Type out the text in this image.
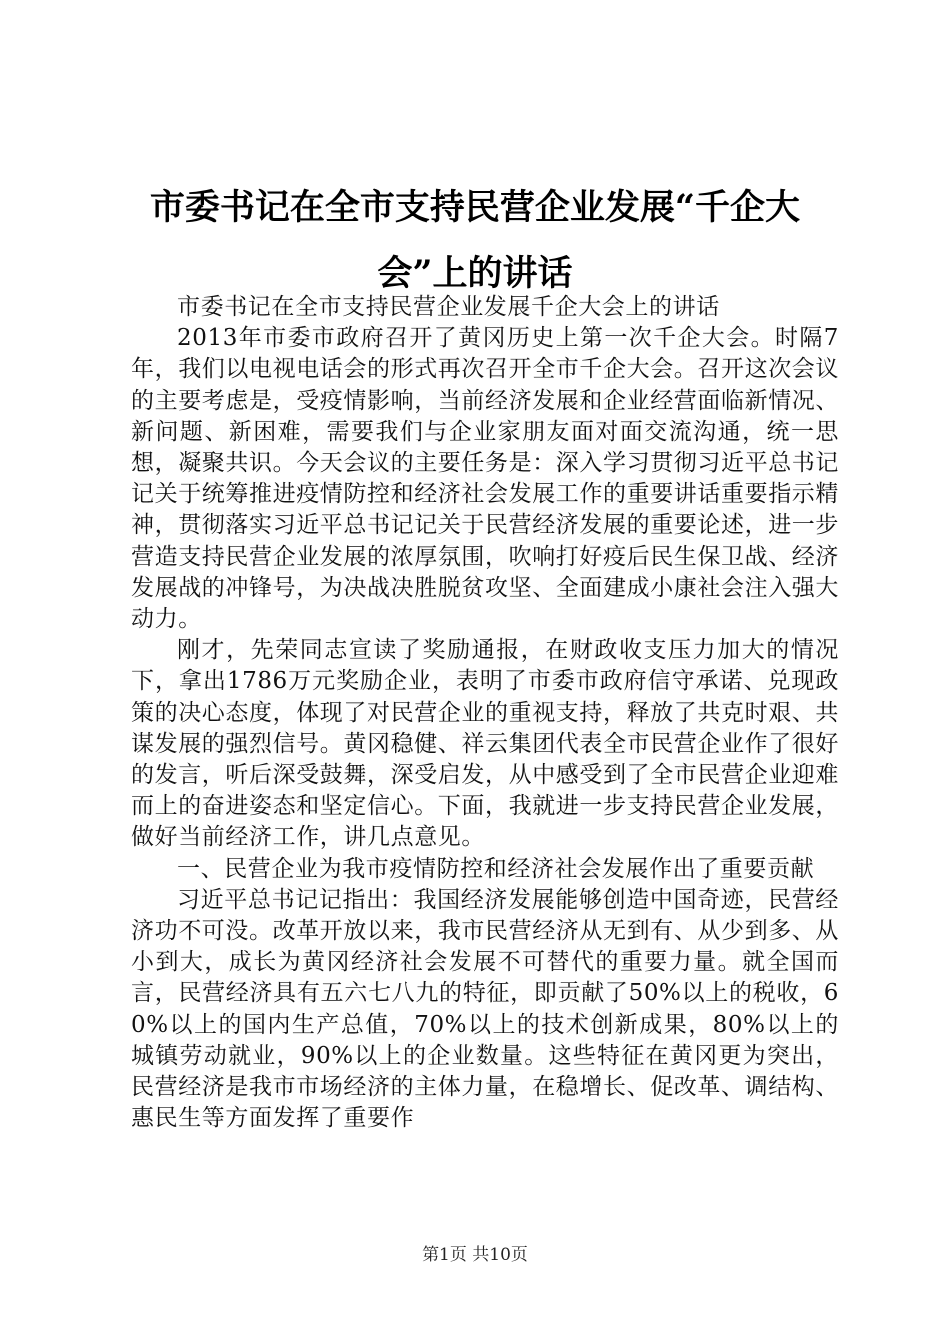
市委书记在全市支持民营企业发展“千企大
会”上的讲话

市委书记在全市支持民营企业发展千企大会上的讲话

2013年市委市政府召开了黄冈历史上第一次千企大会。时隔7年，我们以电视电话会的形式再次召开全市千企大会。召开这次会议的主要考虑是，受疫情影响，当前经济发展和企业经营面临新情况、新问题、新困难，需要我们与企业家朋友面对面交流沟通，统一思想，凝聚共识。今天会议的主要任务是：深入学习贯彻习近平总书记记关于统筹推进疫情防控和经济社会发展工作的重要讲话重要指示精神，贯彻落实习近平总书记记关于民营经济发展的重要论述，进一步营造支持民营企业发展的浓厚氛围，吹响打好疫后民生保卫战、经济发展战的冲锋号，为决战决胜脱贫攻坚、全面建成小康社会注入强大动力。

刚才，先荣同志宣读了奖励通报，在财政收支压力加大的情况下，拿出1786万元奖励企业，表明了市委市政府信守承诺、兑现政策的决心态度，体现了对民营企业的重视支持，释放了共克时艰、共谋发展的强烈信号。黄冈稳健、祥云集团代表全市民营企业作了很好的发言，听后深受鼓舞，深受启发，从中感受到了全市民营企业迎难而上的奋进姿态和坚定信心。下面，我就进一步支持民营企业发展，做好当前经济工作，讲几点意见。

一、民营企业为我市疫情防控和经济社会发展作出了重要贡献

习近平总书记记指出：我国经济发展能够创造中国奇迹，民营经济功不可没。改革开放以来，我市民营经济从无到有、从少到多、从小到大，成长为黄冈经济社会发展不可替代的重要力量。就全国而言，民营经济具有五六七八九的特征，即贡献了50%以上的税收，60%以上的国内生产总值，70%以上的技术创新成果，80%以上的城镇劳动就业，90%以上的企业数量。这些特征在黄冈更为突出，民营经济是我市市场经济的主体力量，在稳增长、促改革、调结构、惠民生等方面发挥了重要作

第1页 共10页
